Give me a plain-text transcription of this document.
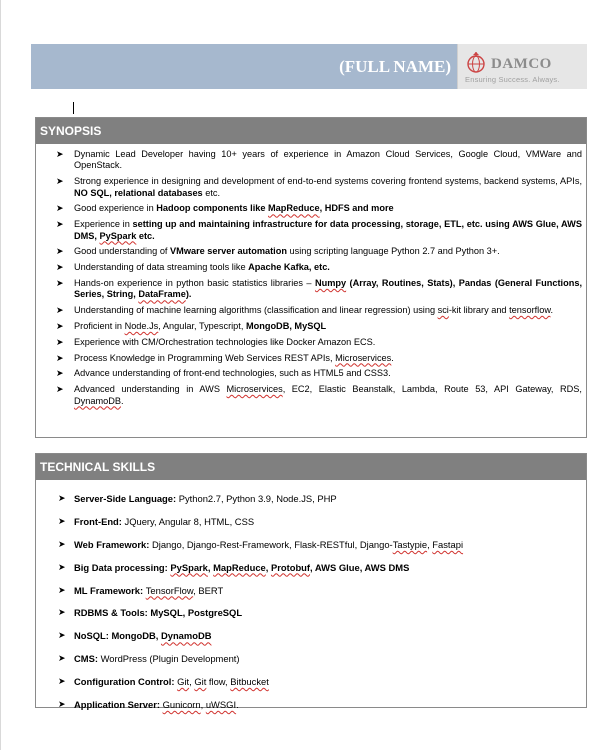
(FULL NAME)	DAMCO
Ensuring Success. Always.
SYNOPSIS
➤ Dynamic Lead Developer having 10+ years of experience in Amazon Cloud Services, Google Cloud, VMWare and OpenStack.
➤ Strong experience in designing and development of end-to-end systems covering frontend systems, backend systems, APIs, NO SQL, relational databases etc.
➤ Good experience in Hadoop components like MapReduce, HDFS and more
➤ Experience in setting up and maintaining infrastructure for data processing, storage, ETL, etc. using AWS Glue, AWS DMS, PySpark etc.
➤ Good understanding of VMware server automation using scripting language Python 2.7 and Python 3+.
➤ Understanding of data streaming tools like Apache Kafka, etc.
➤ Hands-on experience in python basic statistics libraries – Numpy (Array, Routines, Stats), Pandas (General Functions, Series, String, DataFrame).
➤ Understanding of machine learning algorithms (classification and linear regression) using sci-kit library and tensorflow.
➤ Proficient in Node.Js, Angular, Typescript, MongoDB, MySQL
➤ Experience with CM/Orchestration technologies like Docker Amazon ECS.
➤ Process Knowledge in Programming Web Services REST APIs, Microservices.
➤ Advance understanding of front-end technologies, such as HTML5 and CSS3.
➤ Advanced understanding in AWS Microservices, EC2, Elastic Beanstalk, Lambda, Route 53, API Gateway, RDS, DynamoDB.
TECHNICAL SKILLS
➤ Server-Side Language: Python2.7, Python 3.9, Node.JS, PHP
➤ Front-End: JQuery, Angular 8, HTML, CSS
➤ Web Framework: Django, Django-Rest-Framework, Flask-RESTful, Django-Tastypie, Fastapi
➤ Big Data processing: PySpark, MapReduce, Protobuf, AWS Glue, AWS DMS
➤ ML Framework: TensorFlow, BERT
➤ RDBMS & Tools: MySQL, PostgreSQL
➤ NoSQL: MongoDB, DynamoDB
➤ CMS: WordPress (Plugin Development)
➤ Configuration Control: Git, Git flow, Bitbucket
➤ Application Server: Gunicorn, uWSGI.
